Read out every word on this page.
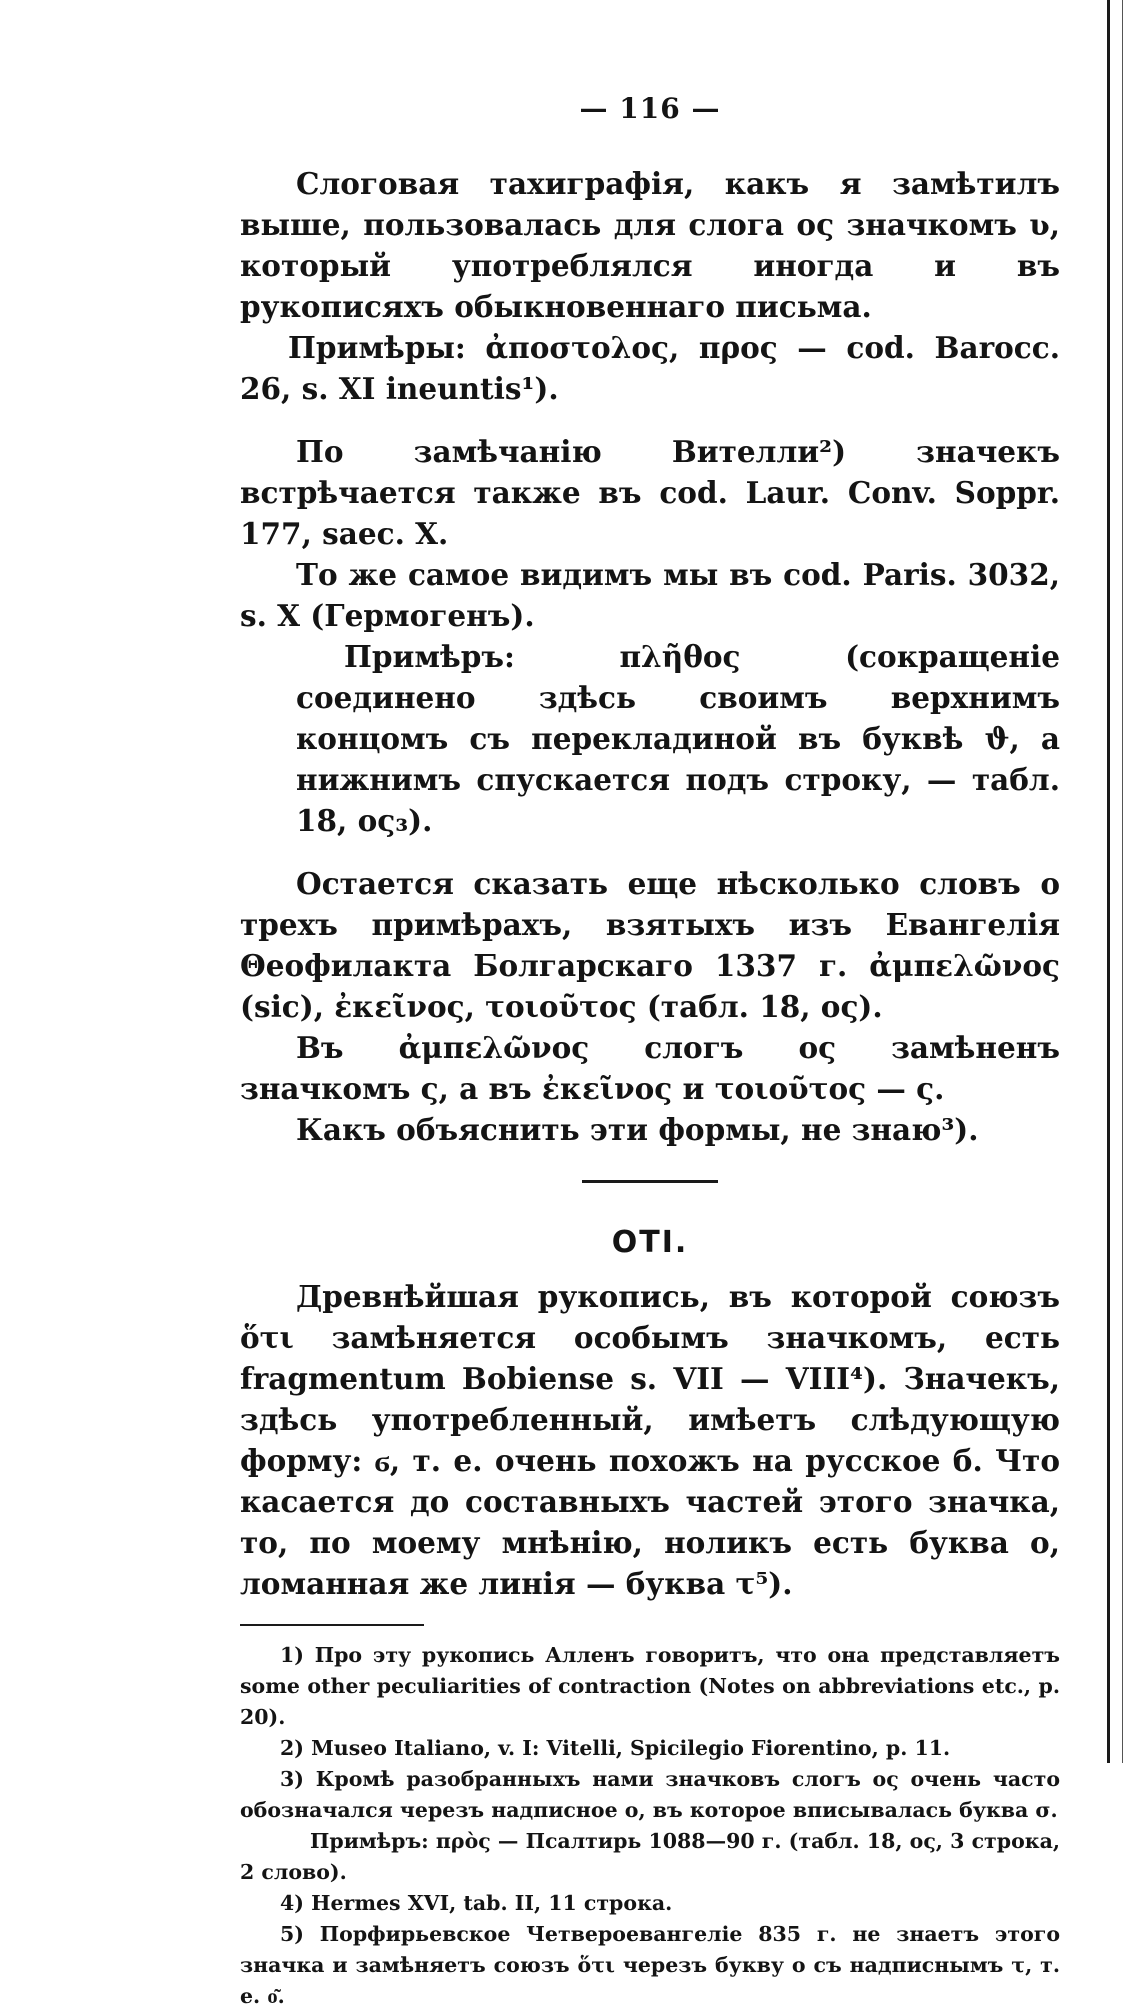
— 116 —

Слоговая тахиграфія, какъ я замѣтилъ выше, пользовалась для слога ος значкомъ ʋ, который употреблялся иногда и въ рукописяхъ обыкновеннаго письма.

Примѣры: ἀποστολος, προς — cod. Barocc. 26, s. XI ineuntis¹).

По замѣчанію Вителли²) значекъ встрѣчается также въ cod. Laur. Conv. Soppr. 177, saec. X.

То же самое видимъ мы въ cod. Paris. 3032, s. X (Гермогенъ).

Примѣръ: πλῆθος (сокращеніе соединено здѣсь своимъ верхнимъ концомъ съ перекладиной въ буквѣ ϑ, а нижнимъ спускается подъ строку, — табл. 18, ος₃).

Остается сказать еще нѣсколько словъ о трехъ примѣрахъ, взятыхъ изъ Евангелія Θеофилакта Болгарскаго 1337 г. ἀμπελῶνος (sic), ἐκεῖνος, τοιοῦτος (табл. 18, ος).

Въ ἀμπελῶνος слогъ ος замѣненъ значкомъ ς, а въ ἐκεῖνος и τοιοῦτος — ς.

Какъ объяснить эти формы, не знаю³).

OTI.

Древнѣйшая рукопись, въ которой союзъ ὅτι замѣняется особымъ значкомъ, есть fragmentum Bobiense s. VII — VIII⁴). Значекъ, здѣсь употребленный, имѣетъ слѣдующую форму: ϭ, т. е. очень похожъ на русское б. Что касается до составныхъ частей этого значка, то, по моему мнѣнію, ноликъ есть буква о, ломанная же линія — буква τ⁵).

1) Про эту рукопись Алленъ говоритъ, что она представляетъ some other peculiarities of contraction (Notes on abbreviations etc., p. 20).

2) Museo Italiano, v. I: Vitelli, Spicilegio Fiorentino, p. 11.

3) Кромѣ разобранныхъ нами значковъ слогъ ος очень часто обозначался черезъ надписное ο, въ которое вписывалась буква σ.

Примѣръ: πρὸς — Псалтирь 1088—90 г. (табл. 18, ος, 3 строка, 2 слово).

4) Hermes XVI, tab. II, 11 строка.

5) Порфирьевское Четвероевангеліе 835 г. не знаетъ этого значка и замѣняетъ союзъ ὅτι черезъ букву ο съ надписнымъ τ, т. е. ο͂.
